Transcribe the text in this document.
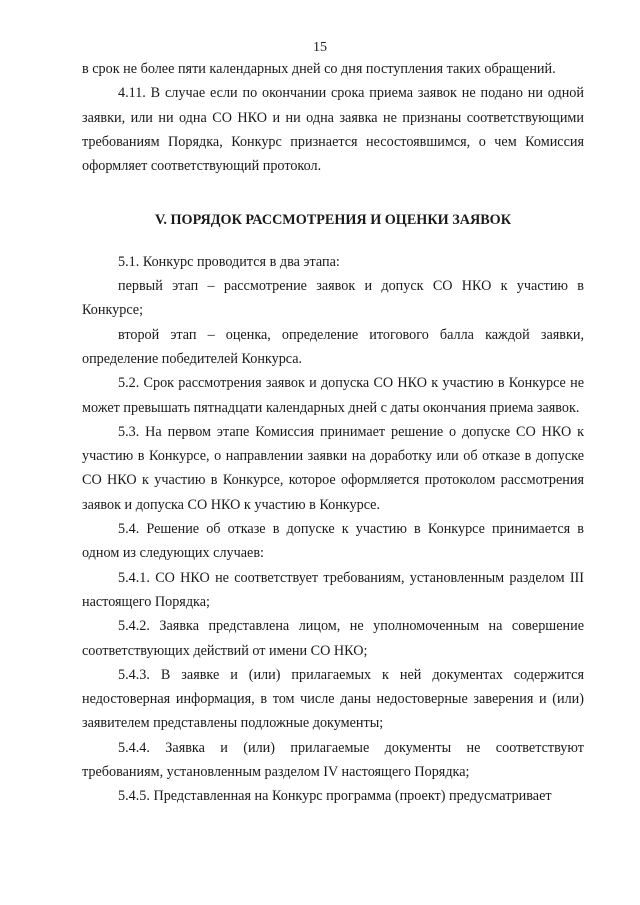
15

в срок не более пяти календарных дней со дня поступления таких обращений.

4.11. В случае если по окончании срока приема заявок не подано ни одной заявки, или ни одна СО НКО и ни одна заявка не признаны соответствующими требованиям Порядка, Конкурс признается несостоявшимся, о чем Комиссия оформляет соответствующий протокол.

V. ПОРЯДОК РАССМОТРЕНИЯ И ОЦЕНКИ ЗАЯВОК

5.1. Конкурс проводится в два этапа:

первый этап – рассмотрение заявок и допуск СО НКО к участию в Конкурсе;

второй этап – оценка, определение итогового балла каждой заявки, определение победителей Конкурса.

5.2. Срок рассмотрения заявок и допуска СО НКО к участию в Конкурсе не может превышать пятнадцати календарных дней с даты окончания приема заявок.

5.3. На первом этапе Комиссия принимает решение о допуске СО НКО к участию в Конкурсе, о направлении заявки на доработку или об отказе в допуске СО НКО к участию в Конкурсе, которое оформляется протоколом рассмотрения заявок и допуска СО НКО к участию в Конкурсе.

5.4. Решение об отказе в допуске к участию в Конкурсе принимается в одном из следующих случаев:

5.4.1. СО НКО не соответствует требованиям, установленным разделом III настоящего Порядка;

5.4.2. Заявка представлена лицом, не уполномоченным на совершение соответствующих действий от имени СО НКО;

5.4.3. В заявке и (или) прилагаемых к ней документах содержится недостоверная информация, в том числе даны недостоверные заверения и (или) заявителем представлены подложные документы;

5.4.4. Заявка и (или) прилагаемые документы не соответствуют требованиям, установленным разделом IV настоящего Порядка;

5.4.5. Представленная на Конкурс программа (проект) предусматривает
